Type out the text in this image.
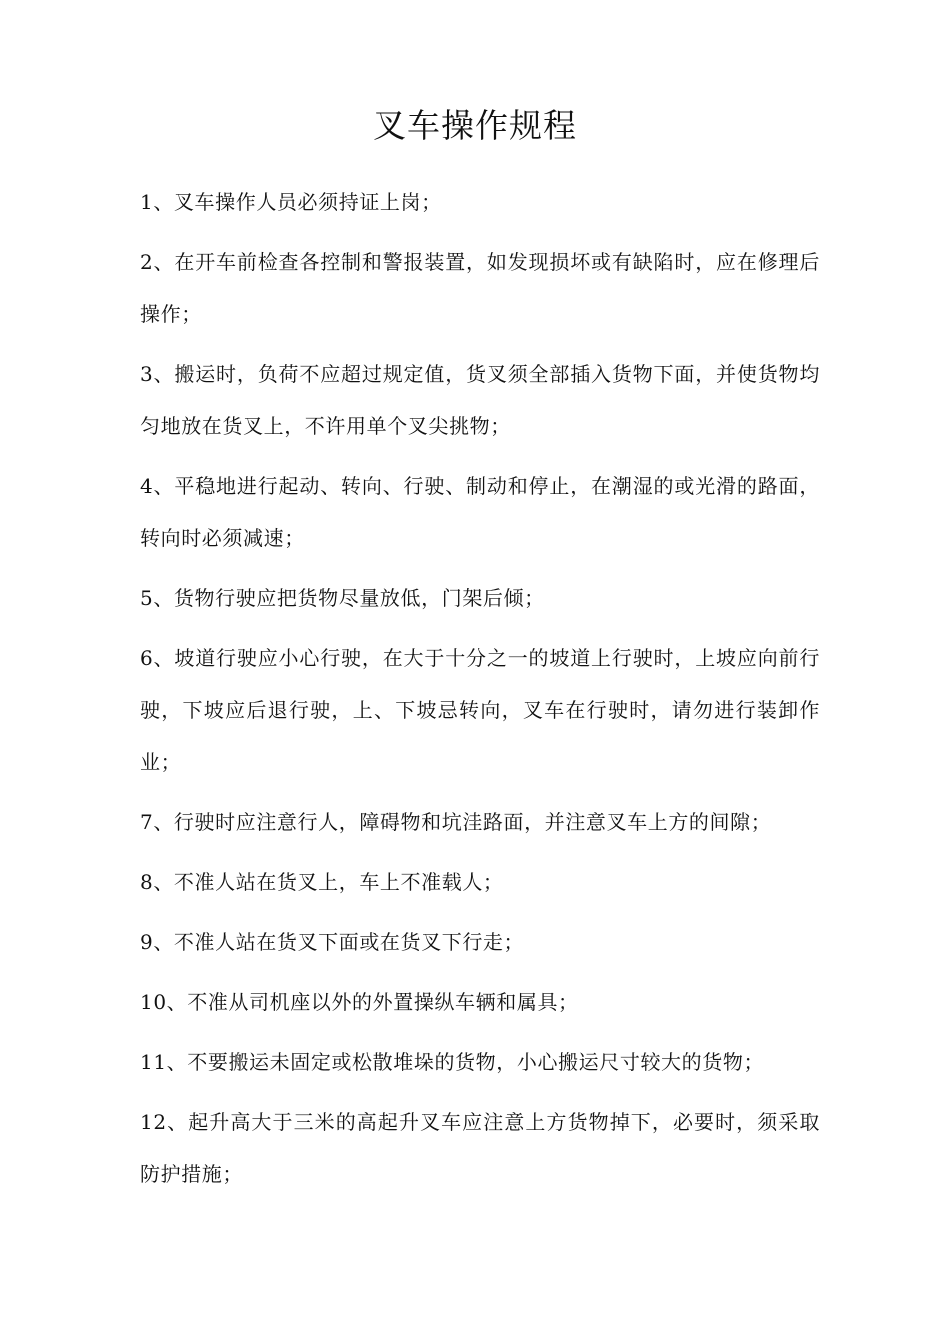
叉车操作规程
1、叉车操作人员必须持证上岗；
2、在开车前检查各控制和警报装置，如发现损坏或有缺陷时，应在修理后操作；
3、搬运时，负荷不应超过规定值，货叉须全部插入货物下面，并使货物均匀地放在货叉上，不许用单个叉尖挑物；
4、平稳地进行起动、转向、行驶、制动和停止，在潮湿的或光滑的路面，转向时必须减速；
5、货物行驶应把货物尽量放低，门架后倾；
6、坡道行驶应小心行驶，在大于十分之一的坡道上行驶时，上坡应向前行驶，下坡应后退行驶，上、下坡忌转向，叉车在行驶时，请勿进行装卸作业；
7、行驶时应注意行人，障碍物和坑洼路面，并注意叉车上方的间隙；
8、不准人站在货叉上，车上不准载人；
9、不准人站在货叉下面或在货叉下行走；
10、不准从司机座以外的外置操纵车辆和属具；
11、不要搬运未固定或松散堆垛的货物，小心搬运尺寸较大的货物；
12、起升高大于三米的高起升叉车应注意上方货物掉下，必要时，须采取防护措施；
